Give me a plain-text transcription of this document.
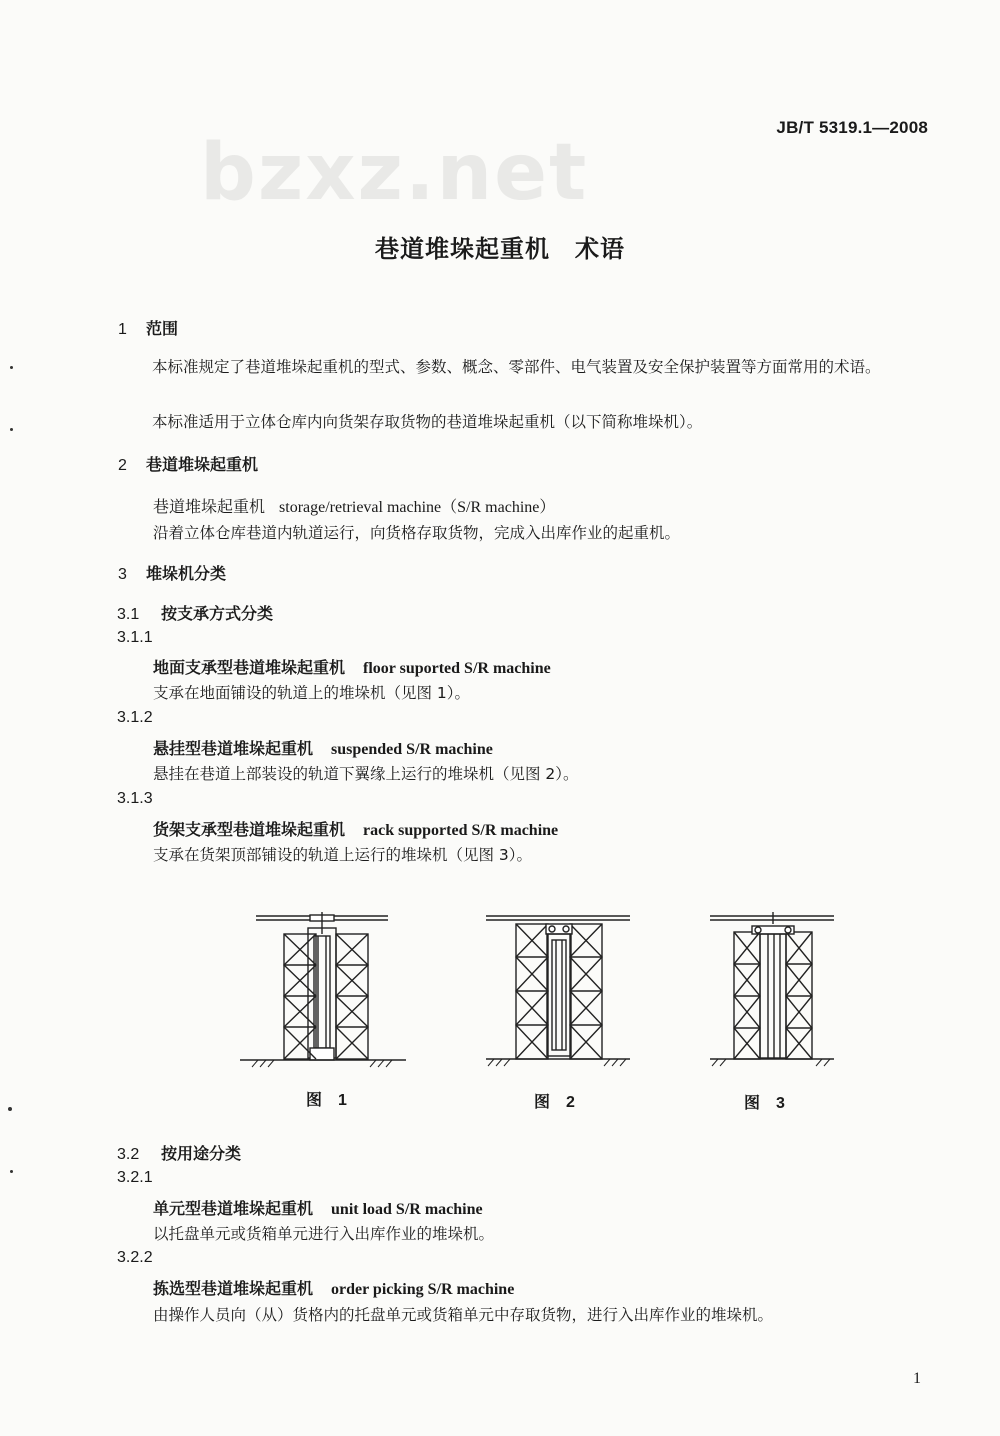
JB/T 5319.1—2008
bzxz.net
巷道堆垛起重机　术语
1 范围
本标准规定了巷道堆垛起重机的型式、参数、概念、零部件、电气装置及安全保护装置等方面常用的术语。
本标准适用于立体仓库内向货架存取货物的巷道堆垛起重机（以下简称堆垛机）。
2 巷道堆垛起重机
巷道堆垛起重机 storage/retrieval machine（S/R machine）
沿着立体仓库巷道内轨道运行，向货格存取货物，完成入出库作业的起重机。
3 堆垛机分类
3.1 按支承方式分类
3.1.1
地面支承型巷道堆垛起重机 floor suported S/R machine
支承在地面铺设的轨道上的堆垛机（见图 1）。
3.1.2
悬挂型巷道堆垛起重机 suspended S/R machine
悬挂在巷道上部装设的轨道下翼缘上运行的堆垛机（见图 2）。
3.1.3
货架支承型巷道堆垛起重机 rack supported S/R machine
支承在货架顶部铺设的轨道上运行的堆垛机（见图 3）。
图 1	图 2	图 3
3.2 按用途分类
3.2.1
单元型巷道堆垛起重机 unit load S/R machine
以托盘单元或货箱单元进行入出库作业的堆垛机。
3.2.2
拣选型巷道堆垛起重机 order picking S/R machine
由操作人员向（从）货格内的托盘单元或货箱单元中存取货物，进行入出库作业的堆垛机。
1
